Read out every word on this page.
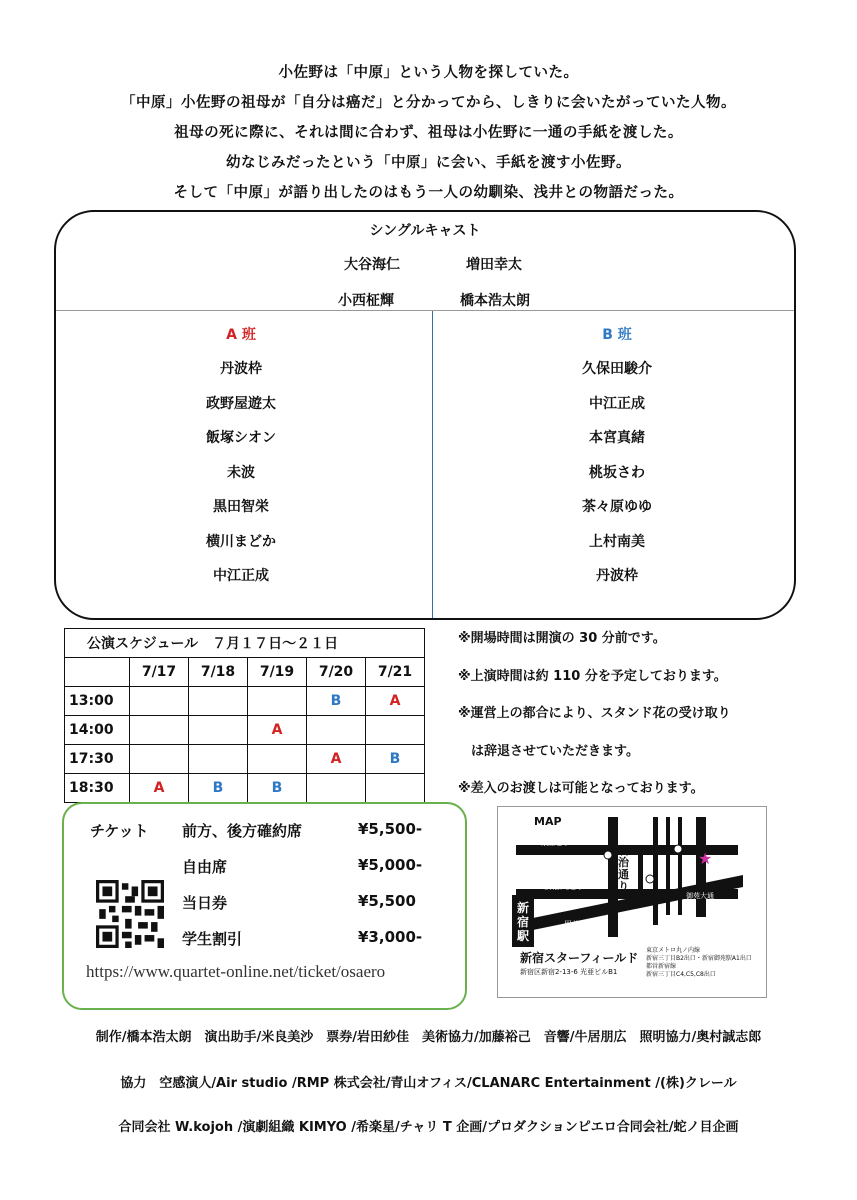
小佐野は「中原」という人物を探していた。
「中原」小佐野の祖母が「自分は癌だ」と分かってから、しきりに会いたがっていた人物。
祖母の死に際に、それは間に合わず、祖母は小佐野に一通の手紙を渡した。
幼なじみだったという「中原」に会い、手紙を渡す小佐野。
そして「中原」が語り出したのはもう一人の幼馴染、浅井との物語だった。
シングルキャスト
大谷海仁	増田幸太
小西柾輝	橋本浩太朗
A 班
丹波枠
政野屋遊太
飯塚シオン
未波
黒田智栄
横川まどか
中江正成
B 班
久保田駿介
中江正成
本宮真緒
桃坂さわ
茶々原ゆゆ
上村南美
丹波枠
公演スケジュール　７月１７日～２１日					
	7/17	7/18	7/19	7/20	7/21
13:00				B	A
14:00			A		
17:30				A	B
18:30	A	B	B		
※開場時間は開演の 30 分前です。
※上演時間は約 110 分を予定しております。
※運営上の都合により、スタンド花の受け取り
　は辞退させていただきます。
※差入のお渡しは可能となっております。
チケット 前方、後方確約席	¥5,500-
自由席	¥5,000-
当日券	¥5,500
学生割引	¥3,000-
https://www.quartet-online.net/ticket/osaero
MAP
靖国通り
明治通り
新宿大通り
甲州街道
御苑大通
新宿駅
★
新宿スターフィールド
新宿区新宿2-13-6 光亜ビルB1
東京メトロ丸ノ内線
新宿三丁目B2出口・新宿御苑駅A1出口
都営新宿線
新宿三丁目C4,C5,C8出口
制作/橋本浩太朗　演出助手/米良美沙　票券/岩田紗佳　美術協力/加藤裕己　音響/牛居朋広　照明協力/奥村誠志郎
協力　空感演人/Air studio /RMP 株式会社/青山オフィス/CLANARC Entertainment /(株)クレール
合同会社 W.kojoh /演劇組織 KIMYO /希楽星/チャリ T 企画/プロダクションピエロ合同会社/蛇ノ目企画
